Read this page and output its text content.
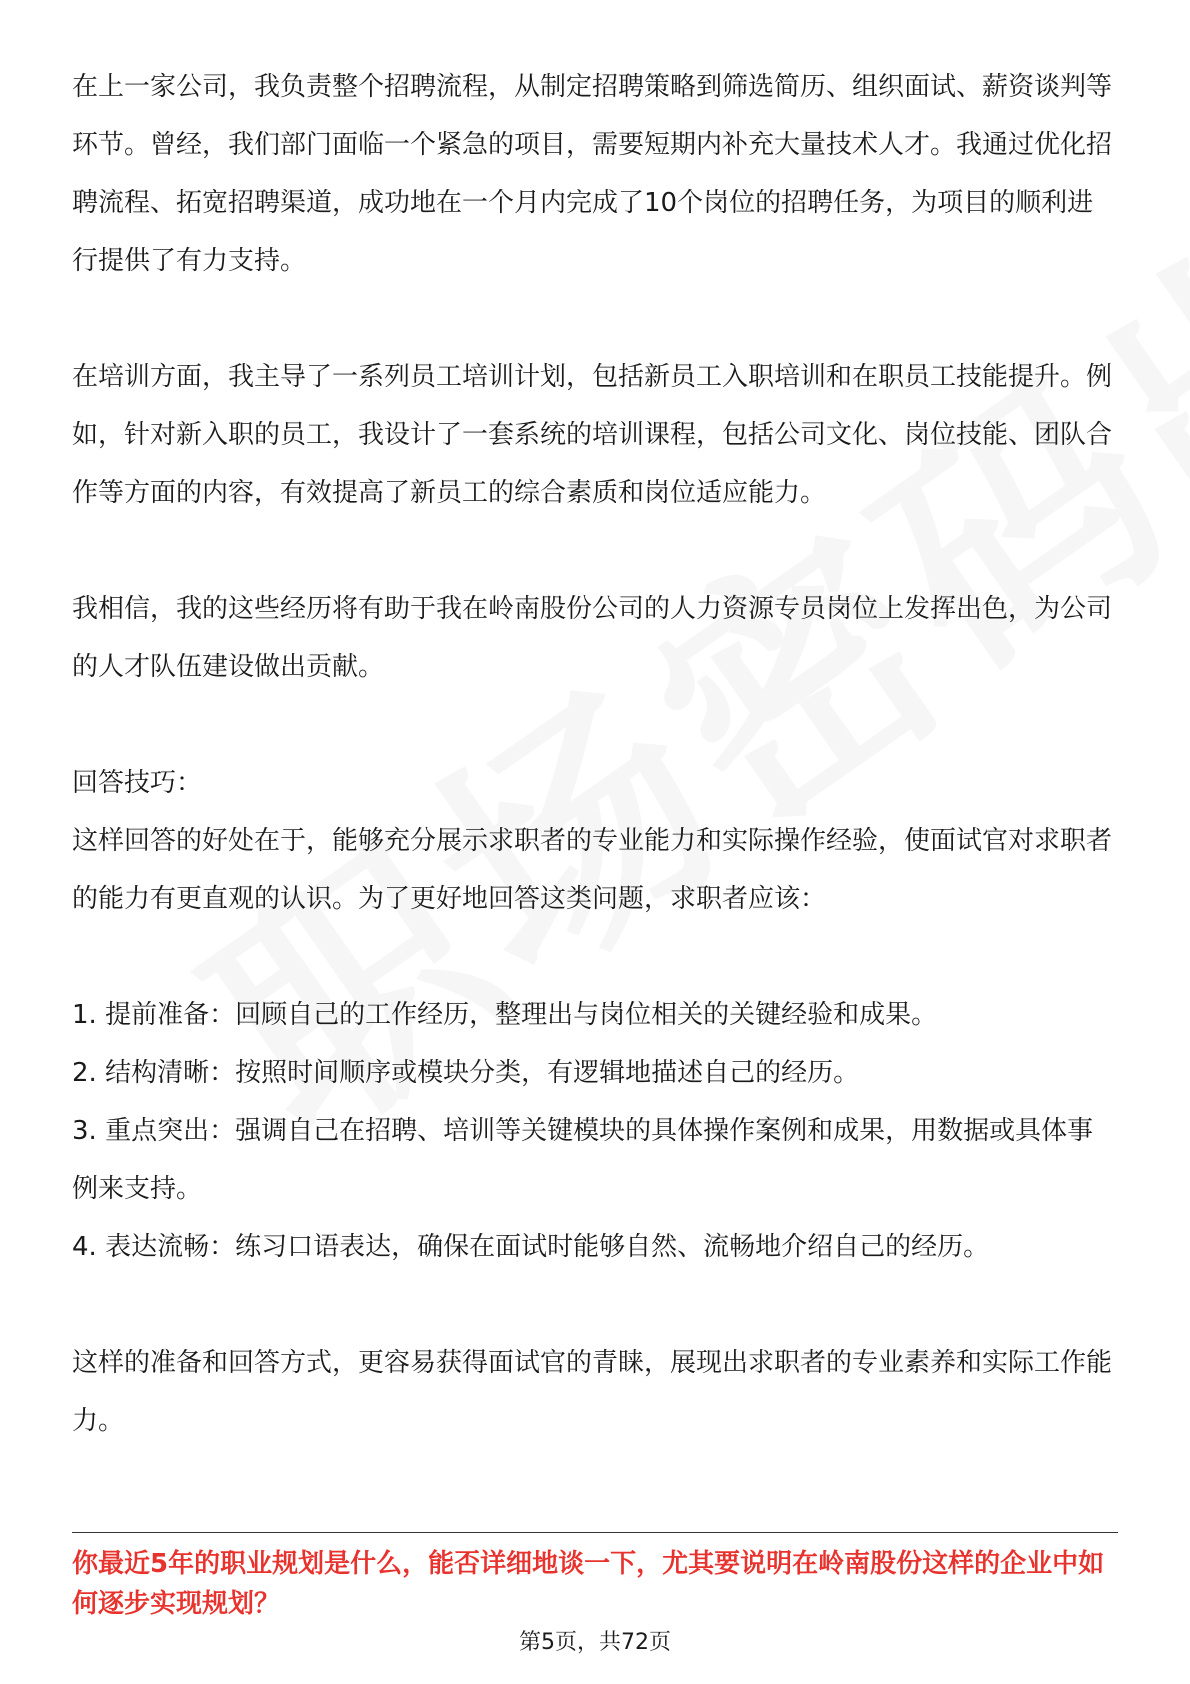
在上一家公司，我负责整个招聘流程，从制定招聘策略到筛选简历、组织面试、薪资谈判等环节。曾经，我们部门面临一个紧急的项目，需要短期内补充大量技术人才。我通过优化招聘流程、拓宽招聘渠道，成功地在一个月内完成了10个岗位的招聘任务，为项目的顺利进行提供了有力支持。

在培训方面，我主导了一系列员工培训计划，包括新员工入职培训和在职员工技能提升。例如，针对新入职的员工，我设计了一套系统的培训课程，包括公司文化、岗位技能、团队合作等方面的内容，有效提高了新员工的综合素质和岗位适应能力。

我相信，我的这些经历将有助于我在岭南股份公司的人力资源专员岗位上发挥出色，为公司的人才队伍建设做出贡献。

回答技巧：

这样回答的好处在于，能够充分展示求职者的专业能力和实际操作经验，使面试官对求职者的能力有更直观的认识。为了更好地回答这类问题，求职者应该：

1. 提前准备：回顾自己的工作经历，整理出与岗位相关的关键经验和成果。

2. 结构清晰：按照时间顺序或模块分类，有逻辑地描述自己的经历。

3. 重点突出：强调自己在招聘、培训等关键模块的具体操作案例和成果，用数据或具体事例来支持。

4. 表达流畅：练习口语表达，确保在面试时能够自然、流畅地介绍自己的经历。

这样的准备和回答方式，更容易获得面试官的青睐，展现出求职者的专业素养和实际工作能力。

你最近5年的职业规划是什么，能否详细地谈一下，尤其要说明在岭南股份这样的企业中如何逐步实现规划？

第5页，共72页
